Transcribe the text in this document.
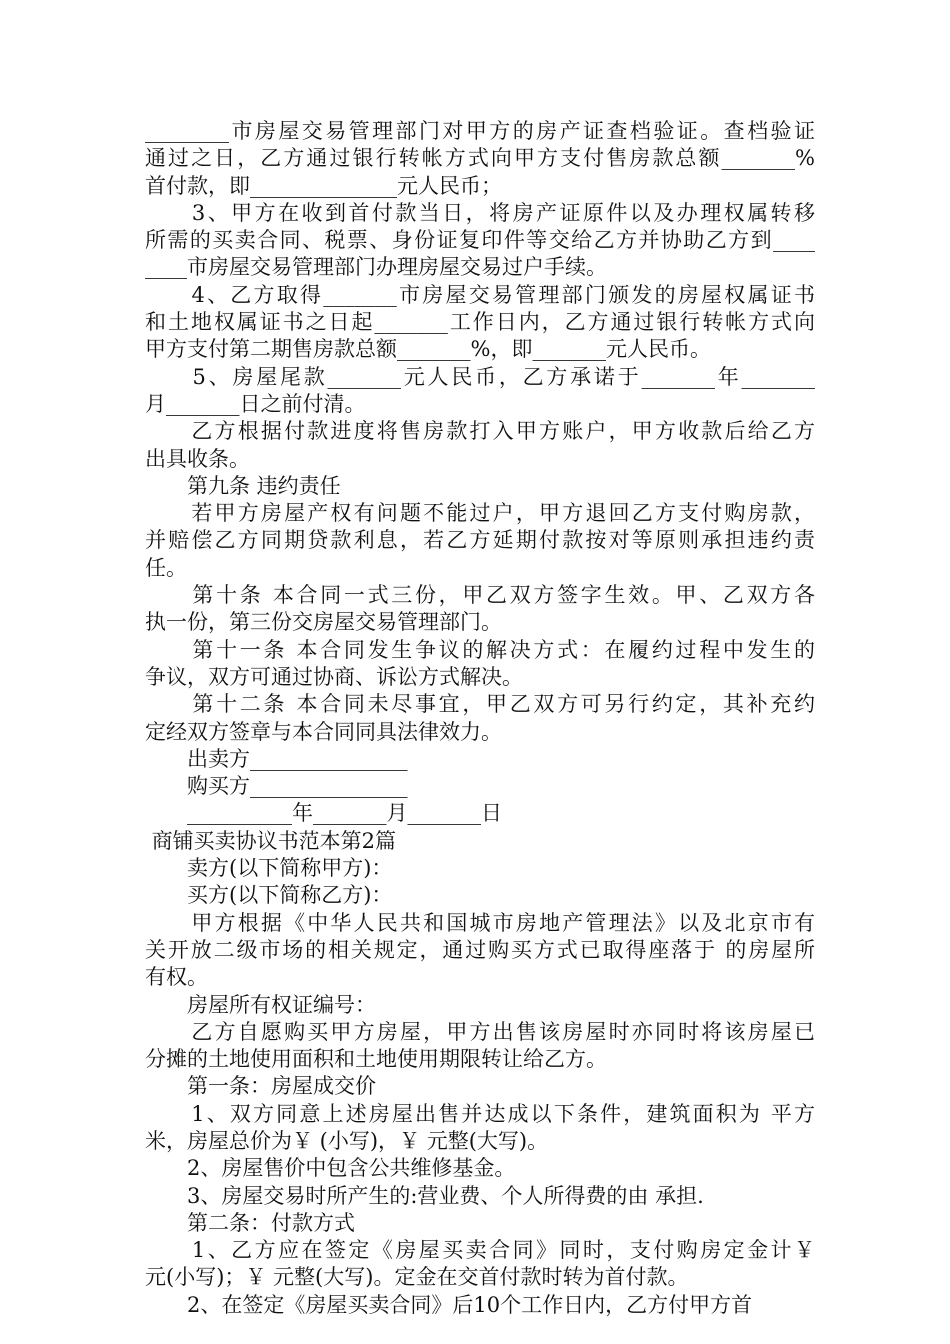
________市房屋交易管理部门对甲方的房产证查档验证。查档验证
通过之日，乙方通过银行转帐方式向甲方支付售房款总额_______%
首付款，即______________元人民币；
　　3、甲方在收到首付款当日，将房产证原件以及办理权属转移
所需的买卖合同、税票、身份证复印件等交给乙方并协助乙方到____
____市房屋交易管理部门办理房屋交易过户手续。
　　4、乙方取得_______市房屋交易管理部门颁发的房屋权属证书
和土地权属证书之日起_______工作日内，乙方通过银行转帐方式向
甲方支付第二期售房款总额_______%，即_______元人民币。
　　5、房屋尾款_______元人民币，乙方承诺于_______年_______
月_______日之前付清。
　　乙方根据付款进度将售房款打入甲方账户，甲方收款后给乙方
出具收条。
　　第九条 违约责任
　　若甲方房屋产权有问题不能过户，甲方退回乙方支付购房款，
并赔偿乙方同期贷款利息，若乙方延期付款按对等原则承担违约责
任。
　　第十条 本合同一式三份，甲乙双方签字生效。甲、乙双方各
执一份，第三份交房屋交易管理部门。
　　第十一条 本合同发生争议的解决方式：在履约过程中发生的
争议，双方可通过协商、诉讼方式解决。
　　第十二条 本合同未尽事宜，甲乙双方可另行约定，其补充约
定经双方签章与本合同同具法律效力。
　　出卖方_______________
　　购买方_______________
　　__________年_______月_______日
商铺买卖协议书范本第2篇
　　卖方(以下简称甲方)：
　　买方(以下简称乙方)：
　　甲方根据《中华人民共和国城市房地产管理法》以及北京市有
关开放二级市场的相关规定，通过购买方式已取得座落于 的房屋所
有权。
　　房屋所有权证编号：
　　乙方自愿购买甲方房屋，甲方出售该房屋时亦同时将该房屋已
分摊的土地使用面积和土地使用期限转让给乙方。
　　第一条：房屋成交价
　　1、双方同意上述房屋出售并达成以下条件，建筑面积为 平方
米，房屋总价为￥ (小写)，￥ 元整(大写)。
　　2、房屋售价中包含公共维修基金。
　　3、房屋交易时所产生的:营业费、个人所得费的由 承担.
　　第二条：付款方式
　　1、乙方应在签定《房屋买卖合同》同时，支付购房定金计￥
元(小写)；￥ 元整(大写)。定金在交首付款时转为首付款。
　　2、在签定《房屋买卖合同》后10个工作日内，乙方付甲方首
